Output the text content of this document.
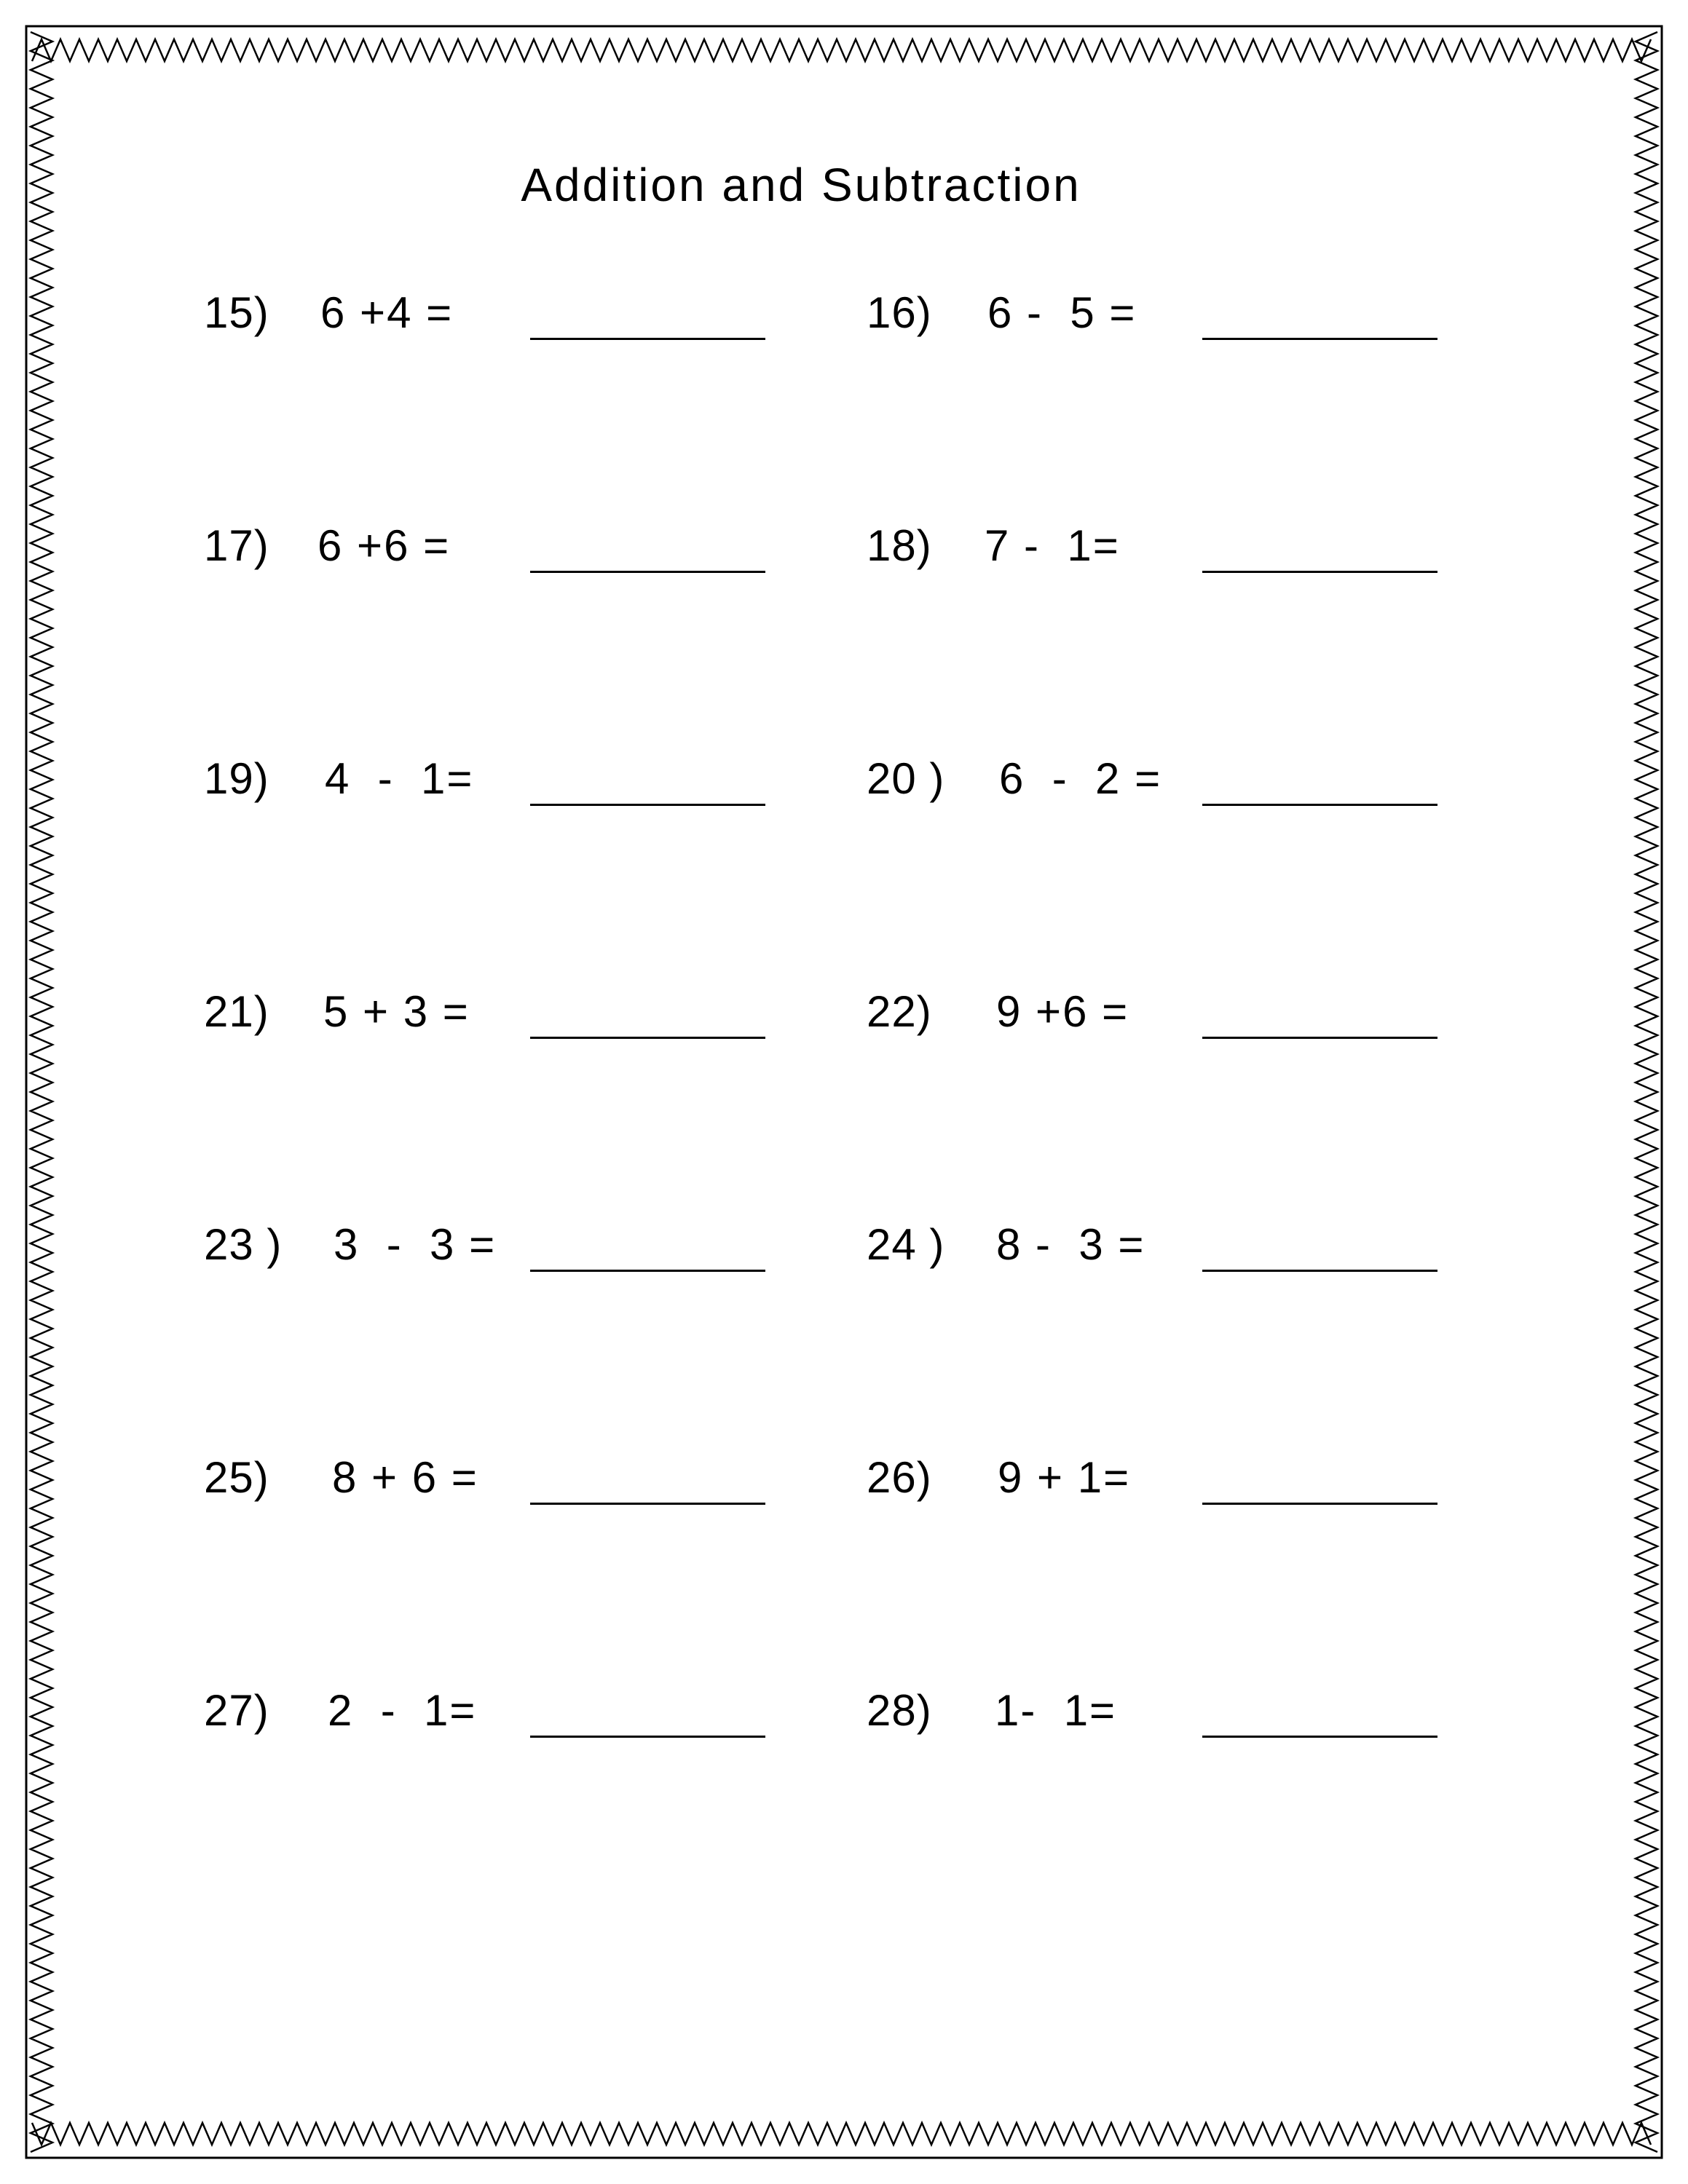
Addition and Subtraction
15) 6 +4 =	16) 6 -  5 =
17) 6 +6 =	18) 7 -  1=
19) 4  -  1=	20 ) 6  -  2 =
21) 5 + 3 =	22) 9 +6 =
23 ) 3  -  3 =	24 ) 8 -  3 =
25) 8 + 6 =	26) 9 + 1=
27) 2  -  1=	28) 1-  1=
